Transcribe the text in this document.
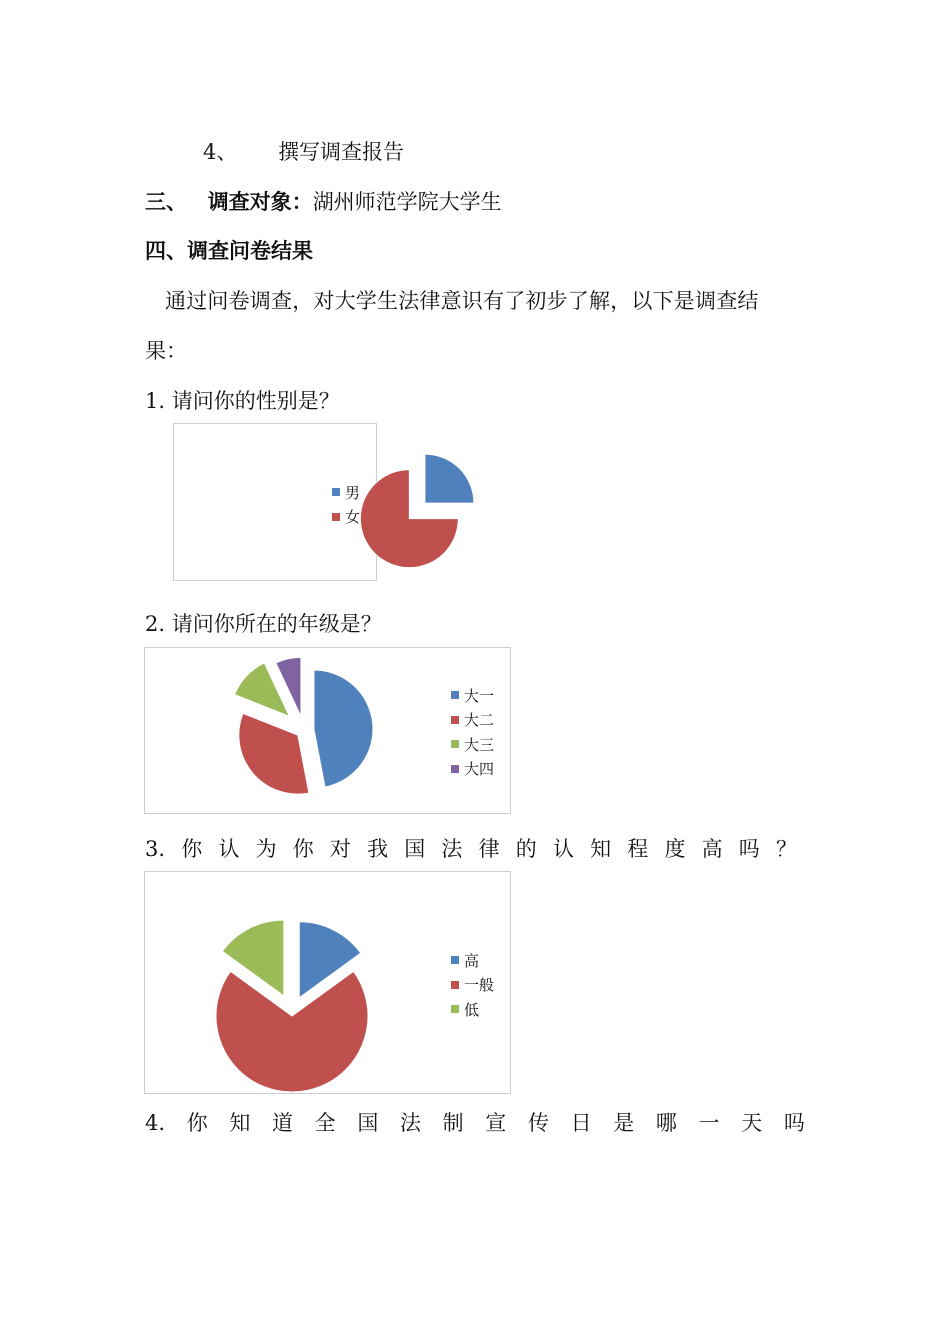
4、 撰写调查报告
三、 调查对象：湖州师范学院大学生
四、调查问卷结果
通过问卷调查，对大学生法律意识有了初步了解，以下是调查结
果：
1. 请问你的性别是？
男
女
2. 请问你所在的年级是？
大一
大二
大三
大四
3. 你 认 为 你 对 我 国 法 律 的 认 知 程 度 高 吗 ？
高
一般
低
4. 你 知 道 全 国 法 制 宣 传 日 是 哪 一 天 吗
